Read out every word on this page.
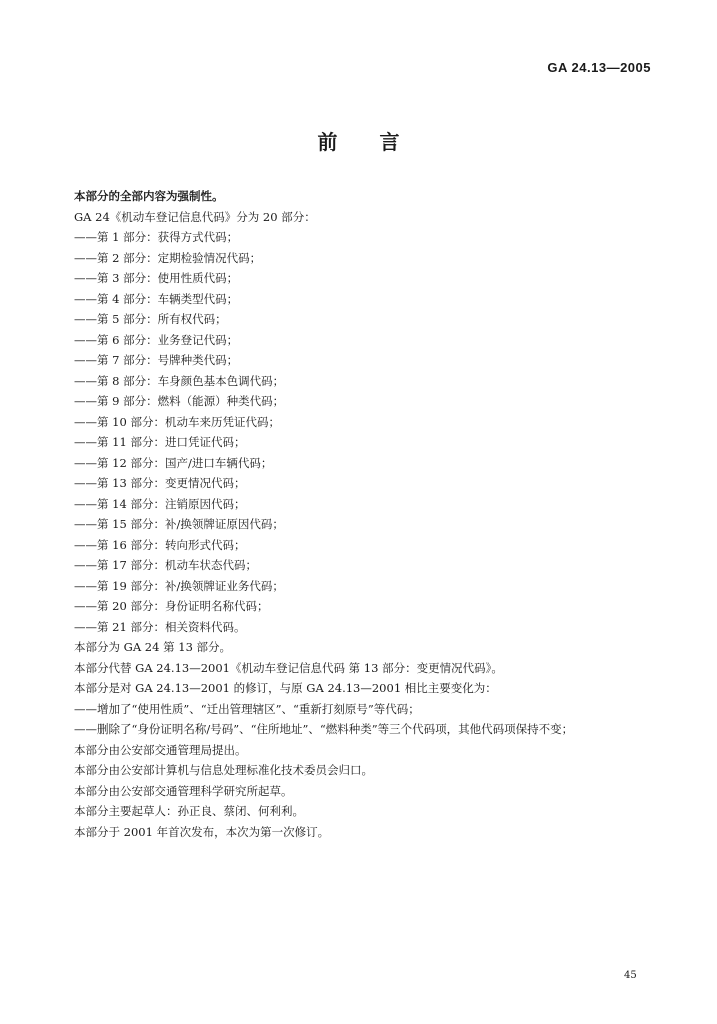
GA 24.13—2005
前言
本部分的全部内容为强制性。
GA 24《机动车登记信息代码》分为 20 部分：
——第 1 部分：获得方式代码；
——第 2 部分：定期检验情况代码；
——第 3 部分：使用性质代码；
——第 4 部分：车辆类型代码；
——第 5 部分：所有权代码；
——第 6 部分：业务登记代码；
——第 7 部分：号牌种类代码；
——第 8 部分：车身颜色基本色调代码；
——第 9 部分：燃料（能源）种类代码；
——第 10 部分：机动车来历凭证代码；
——第 11 部分：进口凭证代码；
——第 12 部分：国产/进口车辆代码；
——第 13 部分：变更情况代码；
——第 14 部分：注销原因代码；
——第 15 部分：补/换领牌证原因代码；
——第 16 部分：转向形式代码；
——第 17 部分：机动车状态代码；
——第 19 部分：补/换领牌证业务代码；
——第 20 部分：身份证明名称代码；
——第 21 部分：相关资料代码。
本部分为 GA 24 第 13 部分。
本部分代替 GA 24.13—2001《机动车登记信息代码 第 13 部分：变更情况代码》。
本部分是对 GA 24.13—2001 的修订，与原 GA 24.13—2001 相比主要变化为：
——增加了“使用性质”、“迁出管理辖区”、“重新打刻原号”等代码；
——删除了“身份证明名称/号码”、“住所地址”、“燃料种类”等三个代码项，其他代码项保持不变；
本部分由公安部交通管理局提出。
本部分由公安部计算机与信息处理标准化技术委员会归口。
本部分由公安部交通管理科学研究所起草。
本部分主要起草人：孙正良、蔡闭、何利利。
本部分于 2001 年首次发布，本次为第一次修订。
45
